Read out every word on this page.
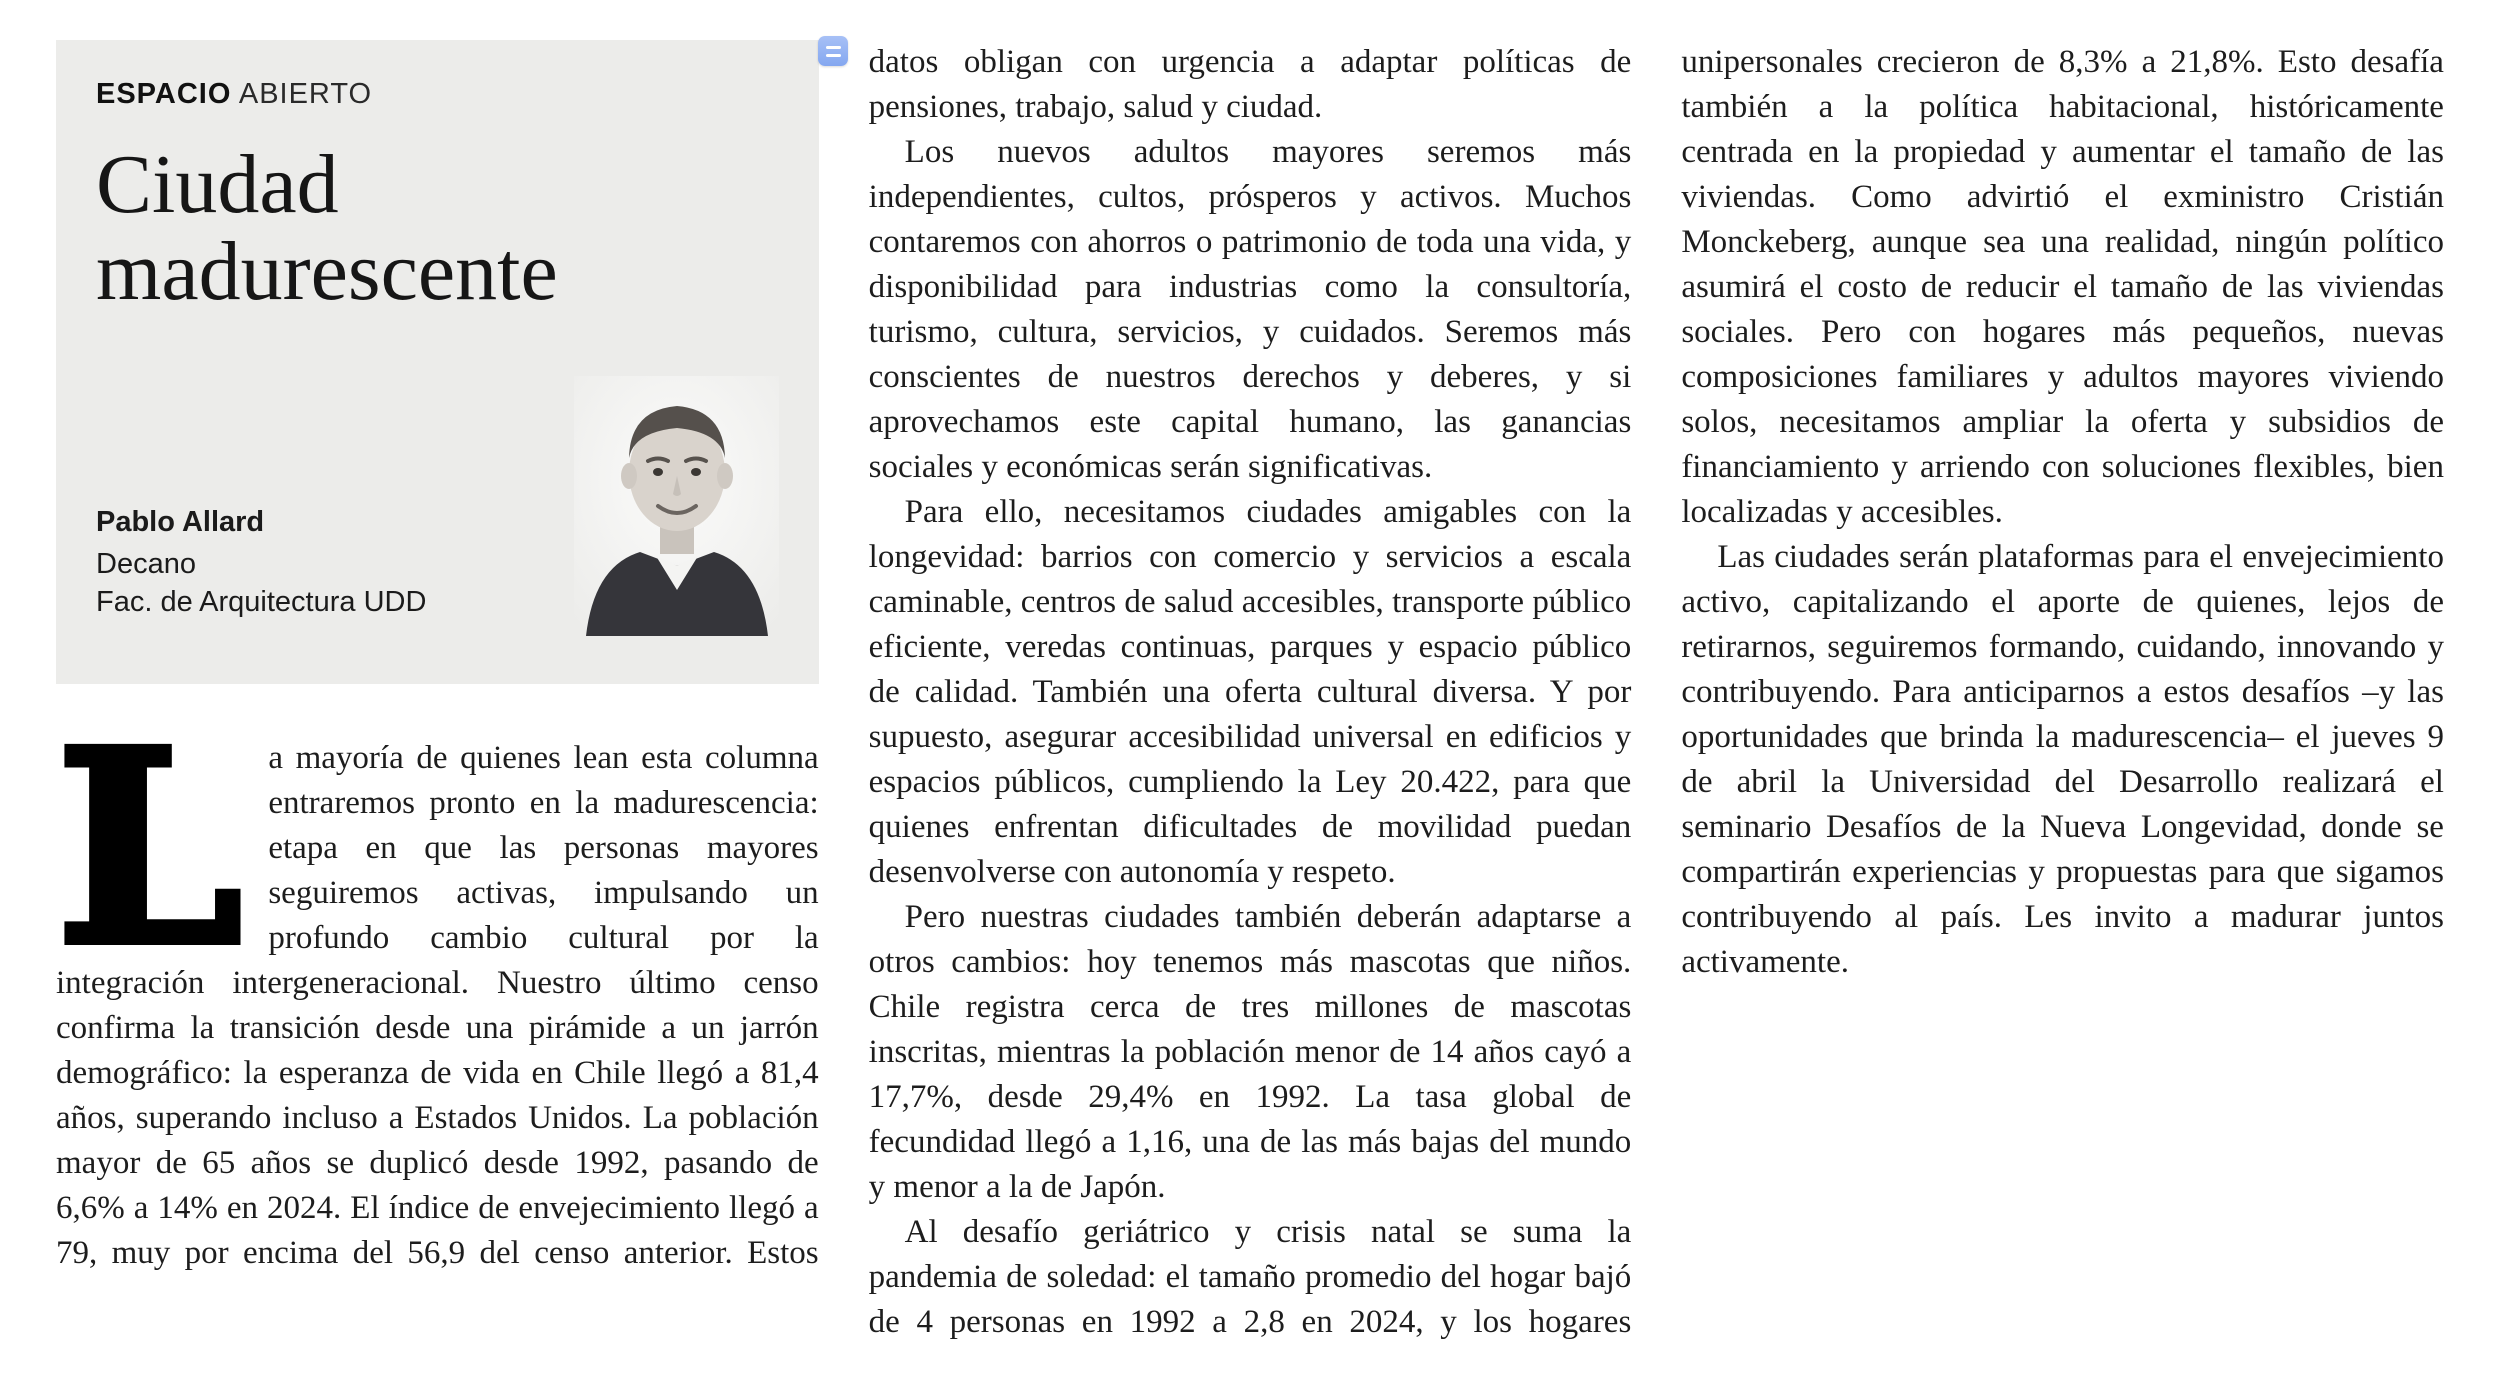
ESPACIO ABIERTO
Ciudad madurescente
Pablo Allard
Decano
Fac. de Arquitectura UDD

La mayoría de quienes lean esta columna entraremos pronto en la madurescencia: etapa en que las personas mayores seguiremos activas, impulsando un profundo cambio cultural por la integración intergeneracional. Nuestro último censo confirma la transición desde una pirámide a un jarrón demográfico: la esperanza de vida en Chile llegó a 81,4 años, superando incluso a Estados Unidos. La población mayor de 65 años se duplicó desde 1992, pasando de 6,6% a 14% en 2024. El índice de envejecimiento llegó a 79, muy por encima del 56,9 del censo anterior. Estos datos obligan con urgencia a adaptar políticas de pensiones, trabajo, salud y ciudad.

Los nuevos adultos mayores seremos más independientes, cultos, prósperos y activos. Muchos contaremos con ahorros o patrimonio de toda una vida, y disponibilidad para industrias como la consultoría, turismo, cultura, servicios, y cuidados. Seremos más conscientes de nuestros derechos y deberes, y si aprovechamos este capital humano, las ganancias sociales y económicas serán significativas.

Para ello, necesitamos ciudades amigables con la longevidad: barrios con comercio y servicios a escala caminable, centros de salud accesibles, transporte público eficiente, veredas continuas, parques y espacio público de calidad. También una oferta cultural diversa. Y por supuesto, asegurar accesibilidad universal en edificios y espacios públicos, cumpliendo la Ley 20.422, para que quienes enfrentan dificultades de movilidad puedan desenvolverse con autonomía y respeto.

Pero nuestras ciudades también deberán adaptarse a otros cambios: hoy tenemos más mascotas que niños. Chile registra cerca de tres millones de mascotas inscritas, mientras la población menor de 14 años cayó a 17,7%, desde 29,4% en 1992. La tasa global de fecundidad llegó a 1,16, una de las más bajas del mundo y menor a la de Japón.

Al desafío geriátrico y crisis natal se suma la pandemia de soledad: el tamaño promedio del hogar bajó de 4 personas en 1992 a 2,8 en 2024, y los hogares unipersonales crecieron de 8,3% a 21,8%. Esto desafía también a la política habitacional, históricamente centrada en la propiedad y aumentar el tamaño de las viviendas. Como advirtió el exministro Cristián Monckeberg, aunque sea una realidad, ningún político asumirá el costo de reducir el tamaño de las viviendas sociales. Pero con hogares más pequeños, nuevas composiciones familiares y adultos mayores viviendo solos, necesitamos ampliar la oferta y subsidios de financiamiento y arriendo con soluciones flexibles, bien localizadas y accesibles.

Las ciudades serán plataformas para el envejecimiento activo, capitalizando el aporte de quienes, lejos de retirarnos, seguiremos formando, cuidando, innovando y contribuyendo. Para anticiparnos a estos desafíos –y las oportunidades que brinda la madurescencia– el jueves 9 de abril la Universidad del Desarrollo realizará el seminario Desafíos de la Nueva Longevidad, donde se compartirán experiencias y propuestas para que sigamos contribuyendo al país. Les invito a madurar juntos activamente.
